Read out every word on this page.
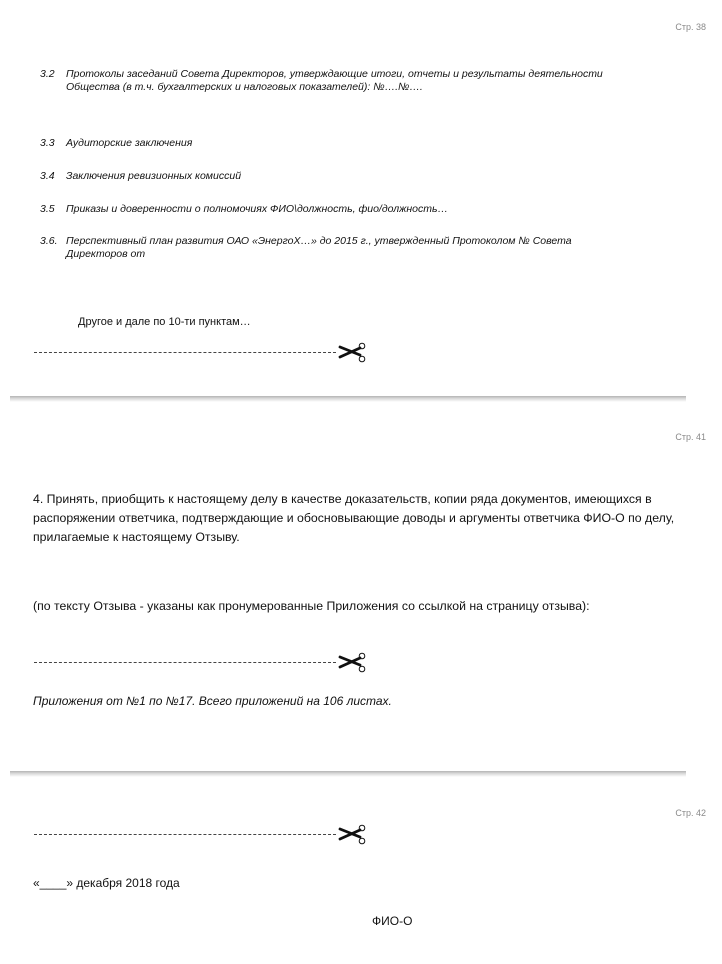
Стр. 38
3.2	Протоколы заседаний Совета Директоров, утверждающие итоги, отчеты и результаты деятельности Общества (в т.ч. бухгалтерских и налоговых показателей): №….№….
3.3	Аудиторские заключения
3.4	Заключения ревизионных комиссий
3.5	Приказы и доверенности о полномочиях ФИО\должность, фио/должность…
3.6. Перспективный план развития ОАО «ЭнергоХ…» до 2015 г., утвержденный Протоколом № Совета Директоров от
Другое и дале по 10-ти пунктам…
Стр. 41
4. Принять, приобщить к настоящему делу в качестве доказательств, копии ряда документов, имеющихся в распоряжении ответчика, подтверждающие и обосновывающие доводы и аргументы ответчика ФИО-О по делу, прилагаемые к настоящему Отзыву.
(по тексту Отзыва - указаны как пронумерованные Приложения со ссылкой на страницу отзыва):
Приложения от №1 по №17. Всего приложений на 106 листах.
Стр. 42
«____» декабря 2018 года
ФИО-О
